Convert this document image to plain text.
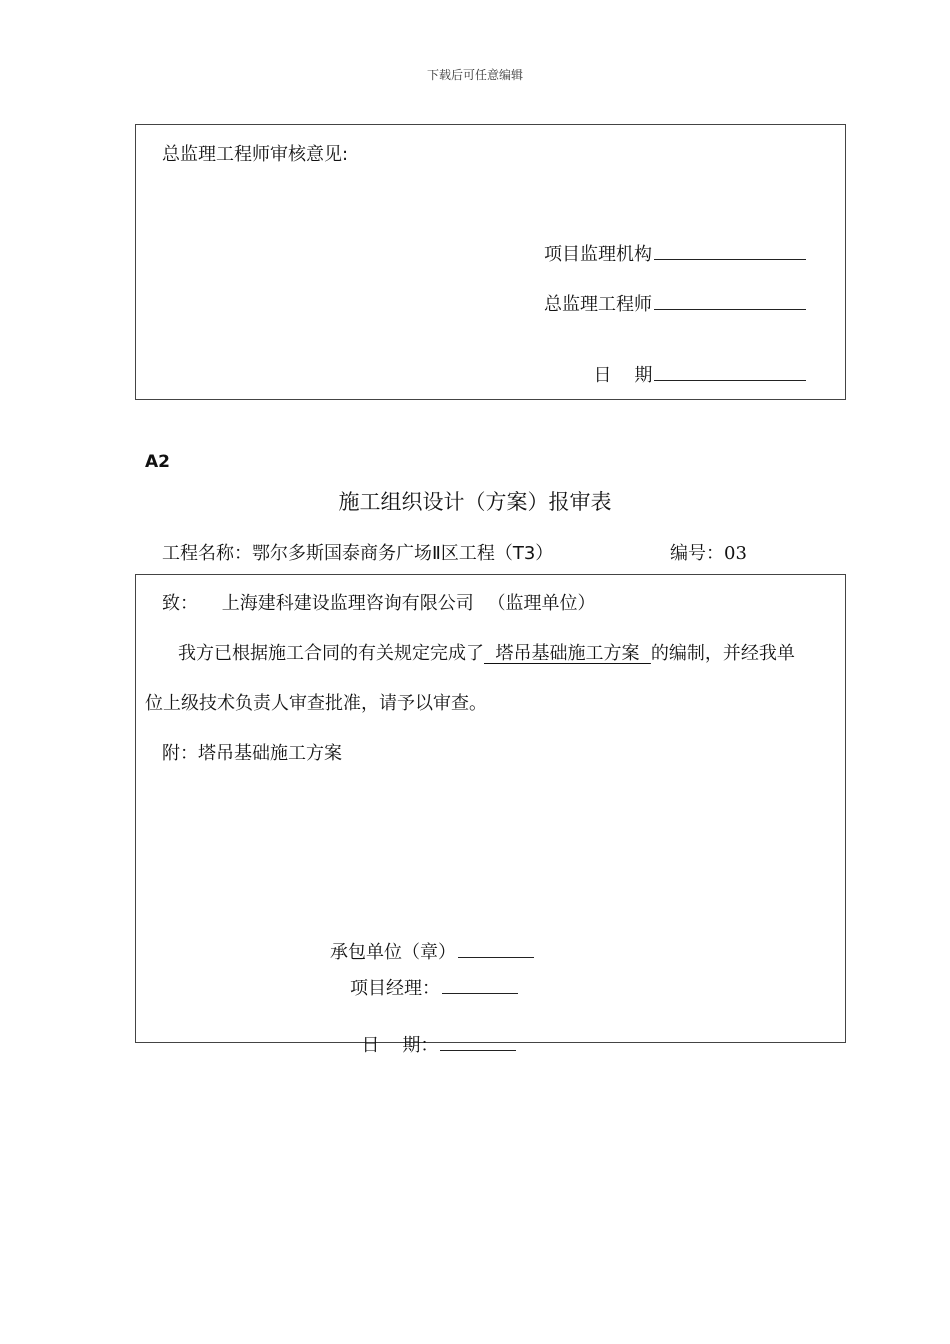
下载后可任意编辑
总监理工程师审核意见:
项目监理机构
总监理工程师

日    期

A2
施工组织设计（方案）报审表
工程名称：鄂尔多斯国泰商务广场Ⅱ区工程（T3）	编号：03
致： 上海建科建设监理咨询有限公司 （监理单位）
我方已根据施工合同的有关规定完成了  塔吊基础施工方案  的编制，并经我单
位上级技术负责人审查批准，请予以审查。
附：塔吊基础施工方案
承包单位（章）
项目经理：

日    期：
